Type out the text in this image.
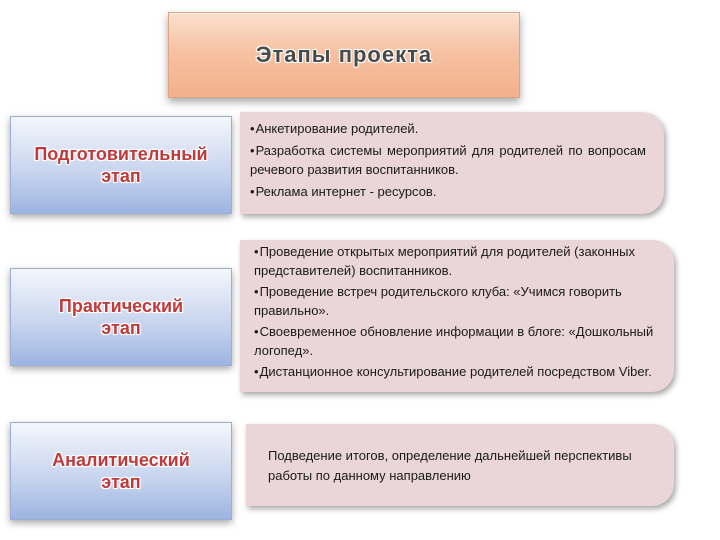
Этапы проекта
Подготовительный
этап
• Анкетирование родителей.
• Разработка системы мероприятий для родителей по вопросам речевого развития воспитанников.
• Реклама интернет - ресурсов.
Практический
этап
• Проведение открытых мероприятий для родителей (законных представителей) воспитанников.
• Проведение встреч родительского клуба: «Учимся говорить правильно».
• Своевременное обновление информации в блоге: «Дошкольный логопед».
• Дистанционное консультирование родителей посредством Viber.
Аналитический
этап
Подведение итогов, определение дальнейшей перспективы работы по данному направлению
